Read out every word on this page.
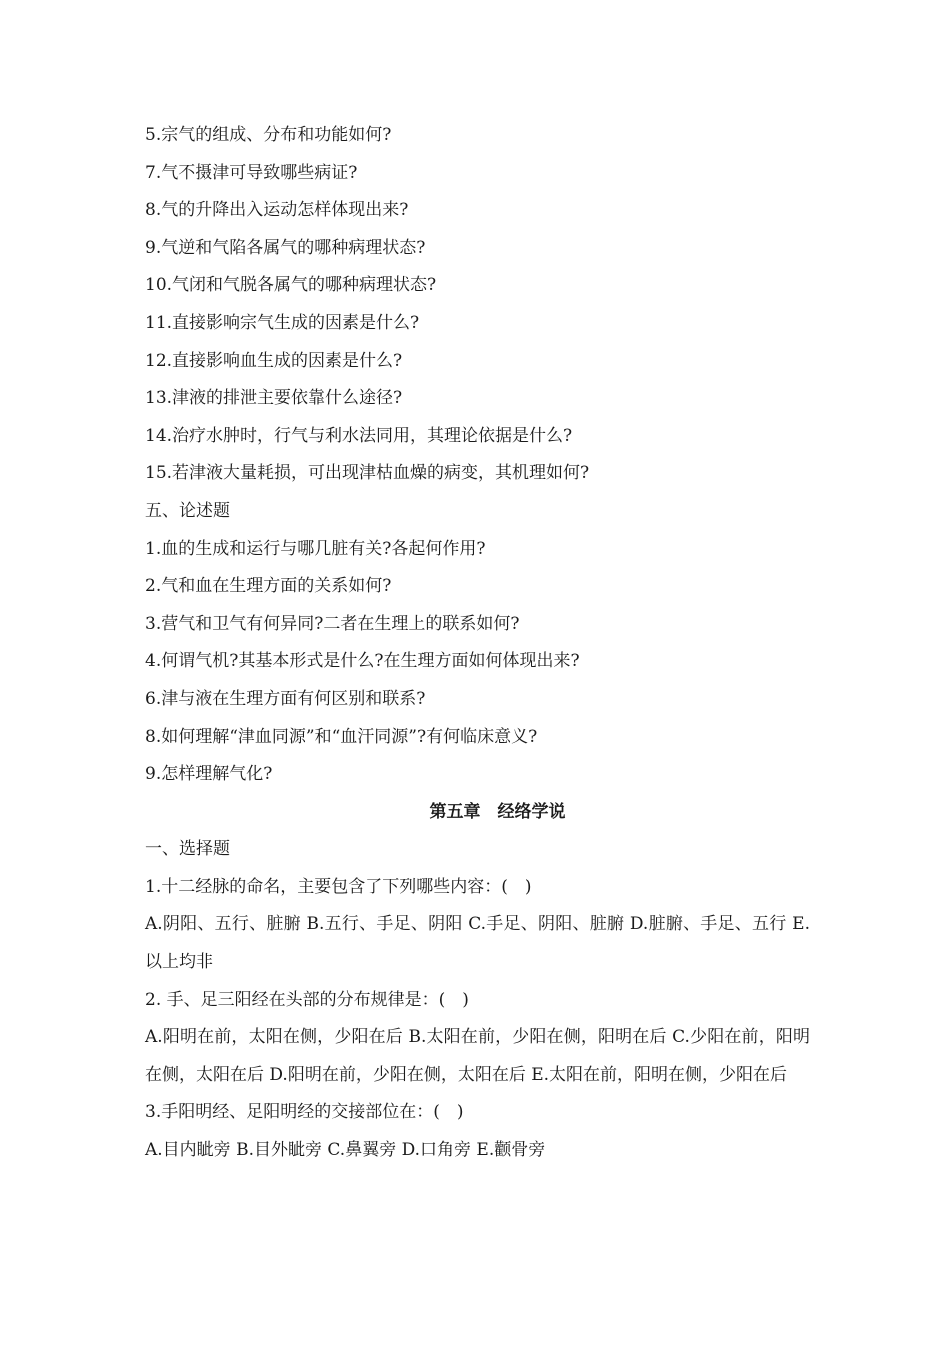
5.宗气的组成、分布和功能如何?
7.气不摄津可导致哪些病证?
8.气的升降出入运动怎样体现出来?
9.气逆和气陷各属气的哪种病理状态?
10.气闭和气脱各属气的哪种病理状态?
11.直接影响宗气生成的因素是什么?
12.直接影响血生成的因素是什么?
13.津液的排泄主要依靠什么途径?
14.治疗水肿时，行气与利水法同用，其理论依据是什么?
15.若津液大量耗损，可出现津枯血燥的病变，其机理如何?
五、论述题
1.血的生成和运行与哪几脏有关?各起何作用?
2.气和血在生理方面的关系如何?
3.营气和卫气有何异同?二者在生理上的联系如何?
4.何谓气机?其基本形式是什么?在生理方面如何体现出来?
6.津与液在生理方面有何区别和联系?
8.如何理解“津血同源”和“血汗同源”?有何临床意义?
9.怎样理解气化?
第五章　经络学说
一、选择题
1.十二经脉的命名，主要包含了下列哪些内容：(　)
A.阴阳、五行、脏腑 B.五行、手足、阴阳 C.手足、阴阳、脏腑 D.脏腑、手足、五行 E.以上均非
2. 手、足三阳经在头部的分布规律是：(　)
A.阳明在前，太阳在侧，少阳在后 B.太阳在前，少阳在侧，阳明在后 C.少阳在前，阳明在侧，太阳在后 D.阳明在前，少阳在侧，太阳在后 E.太阳在前，阳明在侧，少阳在后
3.手阳明经、足阳明经的交接部位在：(　)
A.目内眦旁 B.目外眦旁 C.鼻翼旁 D.口角旁 E.颧骨旁
